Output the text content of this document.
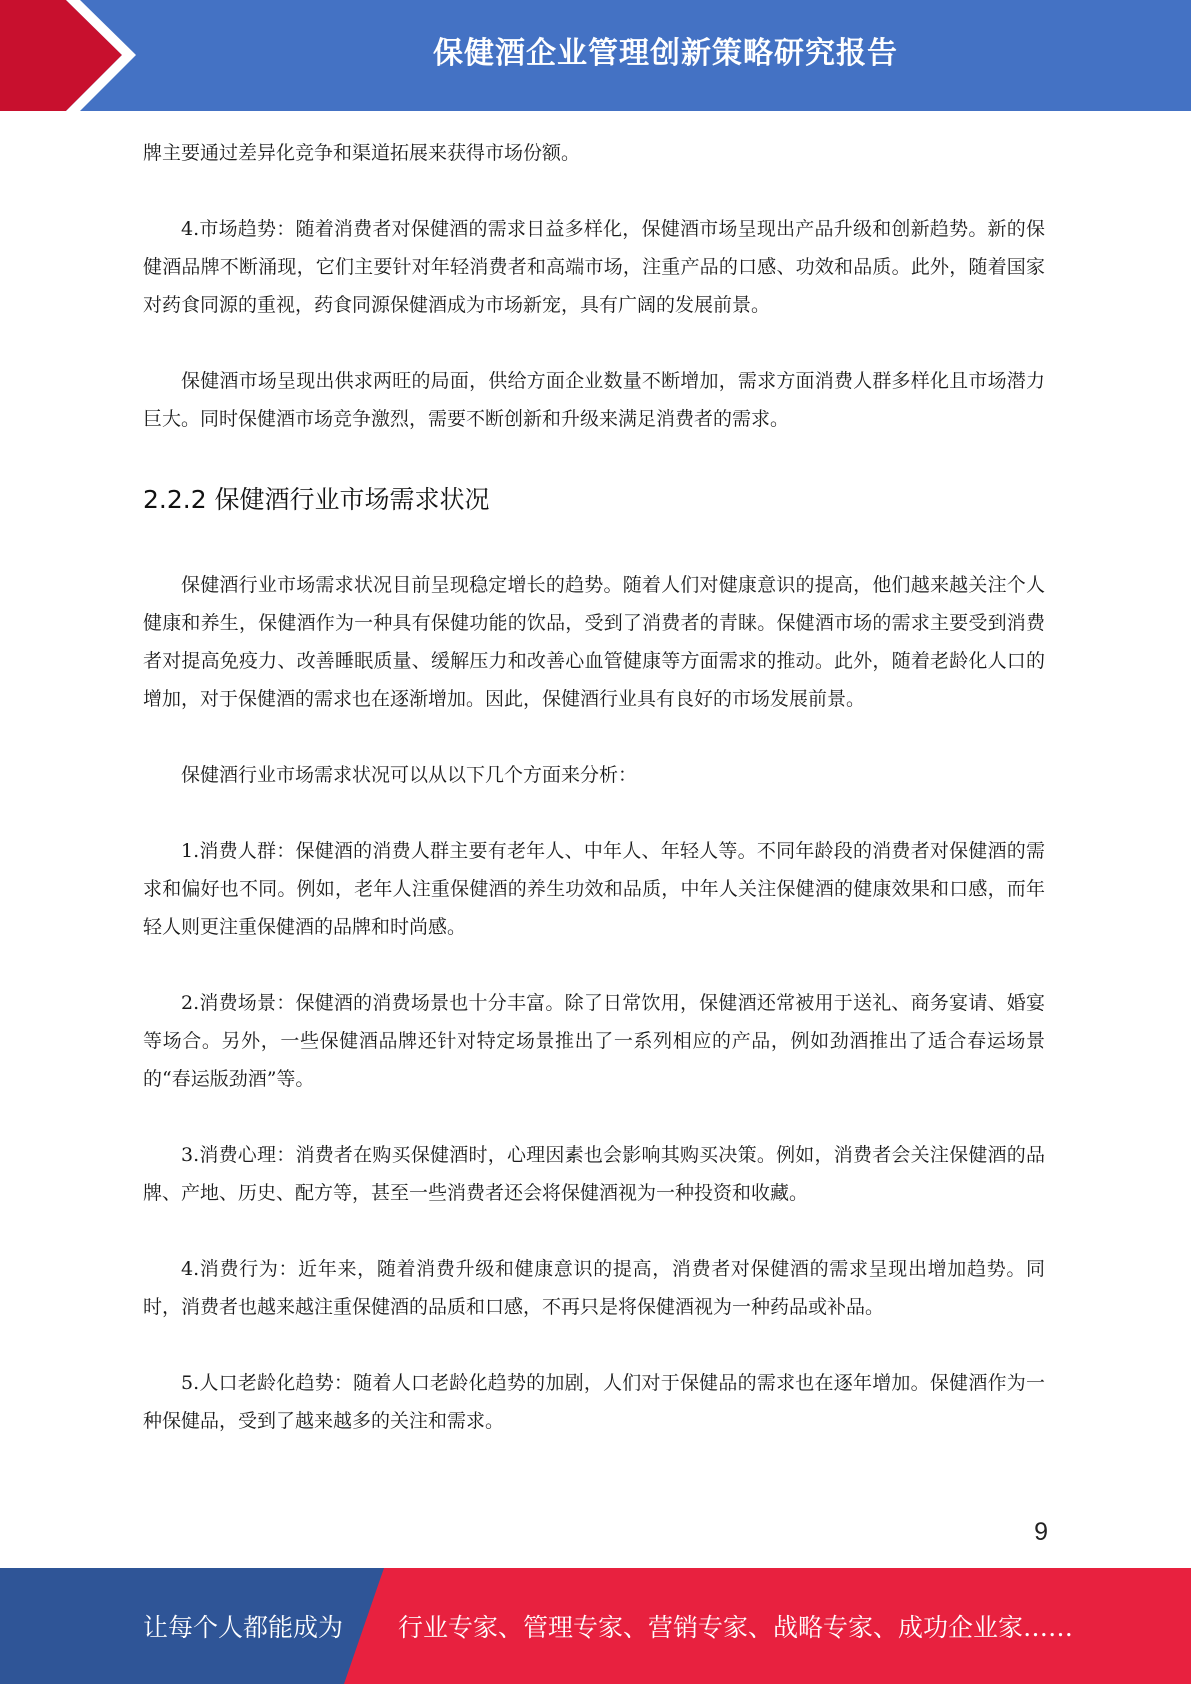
保健酒企业管理创新策略研究报告

牌主要通过差异化竞争和渠道拓展来获得市场份额。

4.市场趋势：随着消费者对保健酒的需求日益多样化，保健酒市场呈现出产品升级和创新趋势。新的保健酒品牌不断涌现，它们主要针对年轻消费者和高端市场，注重产品的口感、功效和品质。此外，随着国家对药食同源的重视，药食同源保健酒成为市场新宠，具有广阔的发展前景。

保健酒市场呈现出供求两旺的局面，供给方面企业数量不断增加，需求方面消费人群多样化且市场潜力巨大。同时保健酒市场竞争激烈，需要不断创新和升级来满足消费者的需求。

2.2.2 保健酒行业市场需求状况

保健酒行业市场需求状况目前呈现稳定增长的趋势。随着人们对健康意识的提高，他们越来越关注个人健康和养生，保健酒作为一种具有保健功能的饮品，受到了消费者的青睐。保健酒市场的需求主要受到消费者对提高免疫力、改善睡眠质量、缓解压力和改善心血管健康等方面需求的推动。此外，随着老龄化人口的增加，对于保健酒的需求也在逐渐增加。因此，保健酒行业具有良好的市场发展前景。

保健酒行业市场需求状况可以从以下几个方面来分析：

1.消费人群：保健酒的消费人群主要有老年人、中年人、年轻人等。不同年龄段的消费者对保健酒的需求和偏好也不同。例如，老年人注重保健酒的养生功效和品质，中年人关注保健酒的健康效果和口感，而年轻人则更注重保健酒的品牌和时尚感。

2.消费场景：保健酒的消费场景也十分丰富。除了日常饮用，保健酒还常被用于送礼、商务宴请、婚宴等场合。另外，一些保健酒品牌还针对特定场景推出了一系列相应的产品，例如劲酒推出了适合春运场景的“春运版劲酒”等。

3.消费心理：消费者在购买保健酒时，心理因素也会影响其购买决策。例如，消费者会关注保健酒的品牌、产地、历史、配方等，甚至一些消费者还会将保健酒视为一种投资和收藏。

4.消费行为：近年来，随着消费升级和健康意识的提高，消费者对保健酒的需求呈现出增加趋势。同时，消费者也越来越注重保健酒的品质和口感，不再只是将保健酒视为一种药品或补品。

5.人口老龄化趋势：随着人口老龄化趋势的加剧，人们对于保健品的需求也在逐年增加。保健酒作为一种保健品，受到了越来越多的关注和需求。

9
让每个人都能成为 行业专家、管理专家、营销专家、战略专家、成功企业家……
